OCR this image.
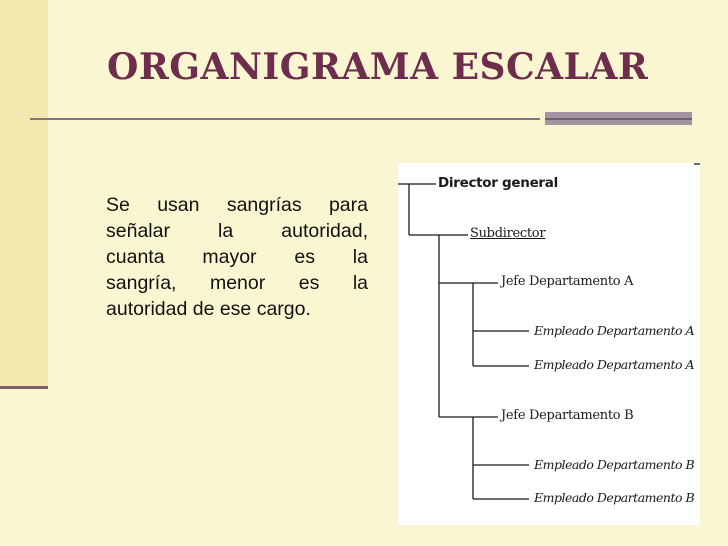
ORGANIGRAMA ESCALAR

Se usan sangrías para
señalar la autoridad,
cuanta mayor es la
sangría, menor es la
autoridad de ese cargo.

Director general
Subdirector
Jefe Departamento A
Empleado Departamento A
Empleado Departamento A
Jefe Departamento B
Empleado Departamento B
Empleado Departamento B
